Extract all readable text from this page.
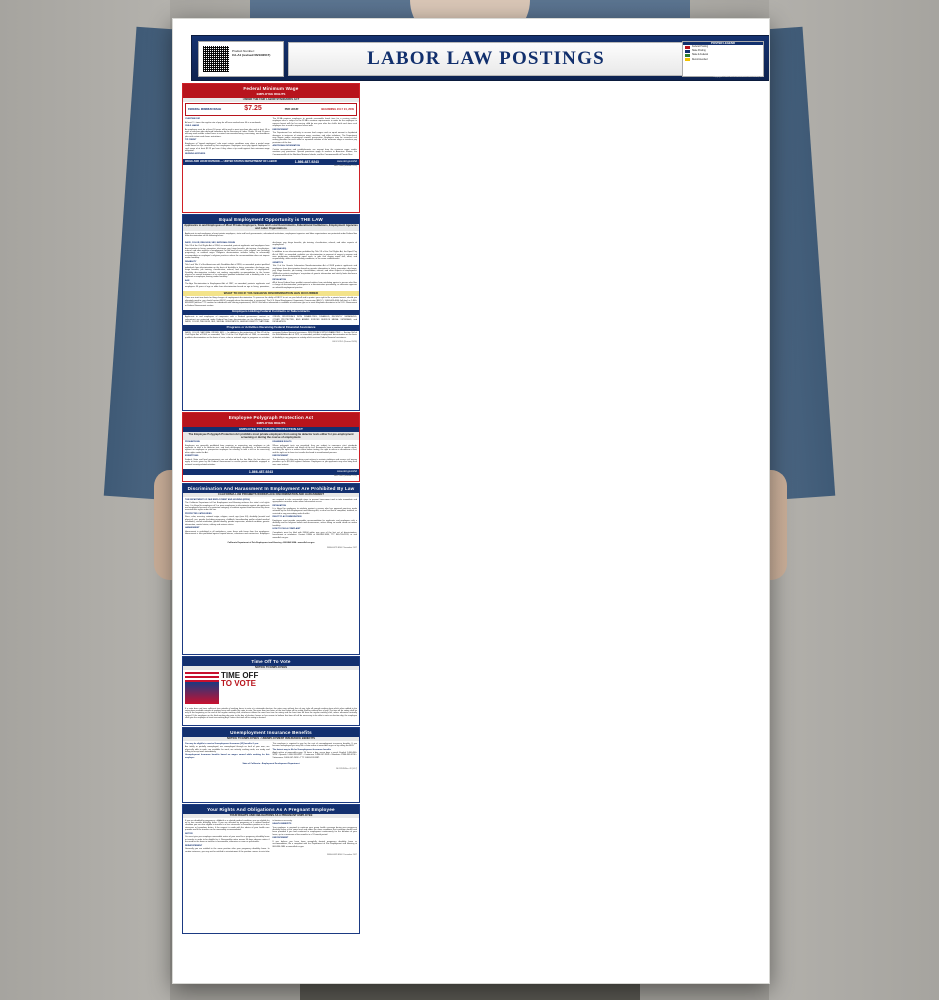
Product Number:
CA-A1 (revised 06/13/2017)	LABOR LAW POSTINGS
POSTER LEGEND
Federal Posting
State Posting
State & Federal
Recommended
Copyright © 2017 ELITE BUSINESS VENTURES, INC.
Federal Minimum Wage
EMPLOYEE RIGHTS
UNDER THE FAIR LABOR STANDARDS ACT
FEDERAL MINIMUM WAGE	$7.25	PER HOUR	BEGINNING JULY 24, 2009
OVERTIME PAY
At least 1½ times the regular rate of pay for all hours worked over 40 in a workweek.
CHILD LABOR
An employee must be at least 16 years old to work in most non-farm jobs and at least 18 to work in non-farm jobs declared hazardous by the Secretary of Labor. Youths 14 and 15 years old may work outside school hours in various non-manufacturing, non-mining, non-hazardous jobs with certain work hours restrictions.
TIP CREDIT
Employers of "tipped employees" who meet certain conditions may claim a partial wage credit based on tips received by their employees. Employers must pay tipped employees a cash wage of at least $2.13 per hour if they claim a tip credit against their minimum wage obligation.
NURSING MOTHERS
The FLSA requires employers to provide reasonable break time for a nursing mother employee who is subject to the FLSA's overtime requirements in order for the employee to express breast milk for her nursing child for one year after the child's birth each time such employee has a need to express breast milk.
ENFORCEMENT
The Department has authority to recover back wages and an equal amount in liquidated damages in instances of minimum wage, overtime, and other violations. The Department may litigate and/or recommend criminal prosecution. Employers may be assessed civil money penalties for each willful or repeated violation of the minimum wage or overtime pay provisions of the law.
ADDITIONAL INFORMATION
Certain occupations and establishments are exempt from the minimum wage, and/or overtime pay provisions. Special provisions apply to workers in American Samoa, the Commonwealth of the Northern Mariana Islands, and the Commonwealth of Puerto Rico.
WAGE AND HOUR DIVISION — UNITED STATES DEPARTMENT OF LABOR	1-866-487-9243	www.dol.gov/whd
WHD 1088 (Revised 07/16)
Equal Employment Opportunity is THE LAW
Applicants to and Employees of Most Private Employers, State and Local Governments, Educational Institutions, Employment Agencies and Labor Organizations
Applicants to and employees of most private employers, state and local governments, educational institutions, employment agencies and labor organizations are protected under Federal law from discrimination on the following bases:
RACE, COLOR, RELIGION, SEX, NATIONAL ORIGIN
Title VII of the Civil Rights Act of 1964, as amended, protects applicants and employees from discrimination in hiring, promotion, discharge, pay, fringe benefits, job training, classification, referral, and other aspects of employment, on the basis of race, color, religion, sex (including pregnancy), or national origin. Religious discrimination includes failing to reasonably accommodate an employee's religious practices where the accommodation does not impose undue hardship.
DISABILITY
Title I and Title V of the Americans with Disabilities Act of 1990, as amended, protect qualified individuals from discrimination on the basis of disability in hiring, promotion, discharge, pay, fringe benefits, job training, classification, referral, and other aspects of employment. Disability discrimination includes not making reasonable accommodation to the known physical or mental limitations of an otherwise qualified individual with a disability who is an applicant or employee, barring undue hardship.
AGE
The Age Discrimination in Employment Act of 1967, as amended, protects applicants and employees 40 years of age or older from discrimination based on age in hiring, promotion, discharge, pay, fringe benefits, job training, classification, referral, and other aspects of employment.
SEX (WAGES)
In addition to sex discrimination prohibited by Title VII of the Civil Rights Act, the Equal Pay Act of 1963, as amended, prohibits sex discrimination in payment of wages to women and men performing substantially equal work, in jobs that require equal skill, effort, and responsibility, under similar working conditions, in the same establishment.
GENETICS
Title II of the Genetic Information Nondiscrimination Act of 2008 protects applicants and employees from discrimination based on genetic information in hiring, promotion, discharge, pay, fringe benefits, job training, classification, referral, and other aspects of employment. GINA also restricts employers' acquisition of genetic information and strictly limits disclosure of genetic information.
RETALIATION
All of these Federal laws prohibit covered entities from retaliating against a person who files a charge of discrimination, participates in a discrimination proceeding, or otherwise opposes an unlawful employment practice.
WHAT TO DO IF YOU BELIEVE DISCRIMINATION HAS OCCURRED
There are strict time limits for filing charges of employment discrimination. To preserve the ability of EEOC to act on your behalf and to protect your right to file a private lawsuit, should you ultimately need to, you should contact EEOC promptly when discrimination is suspected: The U.S. Equal Employment Opportunity Commission (EEOC), 1-800-669-4000 (toll-free) or 1-800-669-6820 (toll-free TTY number for individuals with hearing impairments). EEOC field office information is available at www.eeoc.gov or in most telephone directories in the U.S. Government or Federal Government section.
Employers Holding Federal Contracts or Subcontracts
Applicants to and employees of companies with a Federal government contract or subcontract are protected under Federal law from discrimination on the following bases: RACE, COLOR, RELIGION, SEX, SEXUAL ORIENTATION, GENDER IDENTITY, NATIONAL ORIGIN; INDIVIDUALS WITH DISABILITIES; DISABLED, RECENTLY SEPARATED, OTHER PROTECTED, AND ARMED FORCES SERVICE MEDAL VETERANS; and RETALIATION.
Programs or Activities Receiving Federal Financial Assistance
RACE, COLOR, NATIONAL ORIGIN, SEX — In addition to the protections of Title VII of the Civil Rights Act of 1964, as amended, Title VI of the Civil Rights Act of 1964, as amended, prohibits discrimination on the basis of race, color or national origin in programs or activities receiving Federal financial assistance. INDIVIDUALS WITH DISABILITIES — Section 504 of the Rehabilitation Act of 1973, as amended, prohibits employment discrimination on the basis of disability in any program or activity which receives Federal financial assistance.
EEOC-P/E-1 (Revised 11/09)
Employee Polygraph Protection Act
EMPLOYEE RIGHTS
EMPLOYEE POLYGRAPH PROTECTION ACT
The Employee Polygraph Protection Act prohibits most private employers from using lie detector tests either for pre-employment screening or during the course of employment.
PROHIBITIONS
Employers are generally prohibited from requiring or requesting any employee or job applicant to take a lie detector test, and from discharging, disciplining, or discriminating against an employee or prospective employee for refusing to take a test or for exercising other rights under the Act.
EXEMPTIONS
Federal, State and local governments are not affected by the law. Also, the law does not apply to tests given by the Federal Government to certain private individuals engaged in national security-related activities.
EXAMINEE RIGHTS
Where polygraph tests are permitted, they are subject to numerous strict standards concerning the conduct and length of the test. Examinees have a number of specific rights, including the right to a written notice before testing, the right to refuse or discontinue a test, and the right not to have test results disclosed to unauthorized persons.
ENFORCEMENT
The Secretary of Labor may bring court actions to restrain violations and assess civil money penalties up to $10,000 against violators. Employees or job applicants may also bring their own court actions.
1-866-487-9243	www.dol.gov/whd
WHD 1462 (Revised 07/16)
Discrimination And Harassment In Employment Are Prohibited By Law
CALIFORNIA LAW PROHIBITS WORKPLACE DISCRIMINATION AND HARASSMENT
THE DEPARTMENT OF FAIR EMPLOYMENT AND HOUSING (DFEH)
The California Department of Fair Employment and Housing enforces the state's civil rights laws. It is illegal for employers of 5 or more employees to discriminate against job applicants and employees because of a protected category, or retaliate against them because they have asserted their rights under the law.
PROTECTED CATEGORIES
Race, color, ancestry, national origin, religion, creed, age (over 40), disability (mental and physical), sex, gender (including pregnancy, childbirth, breastfeeding and/or related medical conditions), sexual orientation, gender identity, gender expression, medical condition, genetic information, marital status, military and veteran status.
HARASSMENT
Harassment is prohibited in all workplaces, even those with fewer than five employees. Harassment is also prohibited against unpaid interns, volunteers and contractors. Employers are required to take reasonable steps to prevent harassment and to take immediate and appropriate corrective action when harassment occurs.
RETALIATION
It is illegal for employers to retaliate against a person who has opposed practices made unlawful by the Fair Employment and Housing Act, or who has filed a complaint, testified, or assisted in any proceeding under the Act.
RIGHT TO ACCOMMODATION
Employers must provide reasonable accommodation for applicants and employees with a disability and for religious beliefs and observances, unless doing so would create an undue hardship.
HOW TO FILE A COMPLAINT
Complaints must be filed with DFEH within one year of the last act of discrimination, harassment or retaliation. Contact DFEH at 800-884-1684, TTY 800-700-2320, or visit www.dfeh.ca.gov.
California Department of Fair Employment and Housing • 800-884-1684 • www.dfeh.ca.gov
DFEH-E07P-ENG / November 2017
Time Off To Vote
NOTICE TO EMPLOYEES
TIME OFF
TO VOTE
If a voter does not have sufficient time outside of working hours to vote at a statewide election, the voter may, without loss of pay, take off enough working time which when added to the voting time available outside of working hours will enable the voter to vote. No more than two hours of the time taken off for voting shall be without loss of pay. The time off for voting shall be only at the beginning or the end of the regular working shift, whichever allows the most free time for voting and the least time off from the regular working shift, unless otherwise mutually agreed. If the employee on the third working day prior to the day of election, knows or has reason to believe that time off will be necessary to be able to vote on election day, the employee shall give the employer at least two working days' notice that time off for voting is desired.
Unemployment Insurance Benefits
NOTICE TO EMPLOYEES • UNEMPLOYMENT INSURANCE BENEFITS
You may be eligible to receive Unemployment Insurance (UI) benefits if you:
Are totally or partially unemployed; are unemployed through no fault of your own; are physically able to work; are available for work; are actively seeking work; are ready and willing to accept work immediately.
Unemployment Insurance benefits based on wages earned while working for this employer:
This employer is required to pay for the cost of unemployment insurance benefits. If you become unemployed you may file a claim online at www.edd.ca.gov or by calling the EDD.
The fastest way to file for Unemployment Insurance benefits
Apply online at www.edd.ca.gov, 24 hours a day, seven days a week. English 1-800-300-5616 • Spanish 1-800-326-8937 • Cantonese 1-800-547-3506 • Mandarin 1-866-303-0706 • Vietnamese 1-800-547-2058 • TTY 1-800-815-9387.
State of California • Employment Development Department
DE 1857A Rev. 43 (1-17)
Your Rights And Obligations As A Pregnant Employee
YOUR RIGHTS AND OBLIGATIONS AS A PREGNANT EMPLOYEE
If you are disabled by pregnancy, childbirth or a related medical condition, you are eligible for up to four months disability leave. If you are affected by pregnancy or a related medical condition you are also eligible to transfer to a less strenuous or hazardous position or to less strenuous or hazardous duties, if the request is made with the advice of your health care provider and if the transfer can be reasonably accommodated.
NOTICE
You must give your employer reasonable notice of your need for a pregnancy disability leave or transfer in order to be eligible for it. Reasonable notice means 30 days advance notice if the need for the leave or transfer is foreseeable, otherwise as soon as practicable.
REINSTATEMENT
Generally you are entitled to the same position after your pregnancy disability leave. In certain instances, you may not be entitled to reinstatement if the position ceases to exist due to business necessity.
HEALTH BENEFITS
Your employer is required to continue your group health coverage during your pregnancy disability leave at the same level and under the same conditions that coverage would have been provided if you had continued in employment continuously for the duration of your leave, up to a maximum of four months in a 12-month period.
ENFORCEMENT
If you believe you have been wrongfully denied pregnancy disability leave or accommodation, file a complaint with the Department of Fair Employment and Housing at 800-884-1684 or www.dfeh.ca.gov.
DFEH-E09P-ENG / December 2017
